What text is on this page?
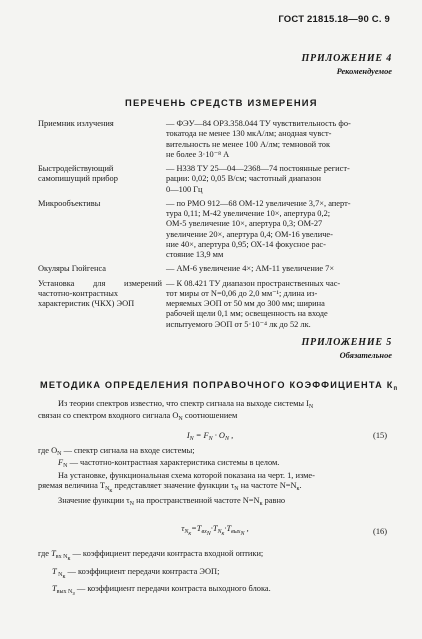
ГОСТ 21815.18—90 С. 9
ПРИЛОЖЕНИЕ 4
Рекомендуемое
ПЕРЕЧЕНЬ СРЕДСТВ ИЗМЕРЕНИЯ
Приемник излучения	— ФЭУ—84 ОРЗ.358.044 ТУ чувствительность фо-
токатода не менее 130 мкА/лм; анодная чувст-
вительность не менее 100 А/лм; темновой ток
не более 3·10⁻⁸ А
Быстродействующий самопишущий прибор
— Н338 ТУ 25—04—2368—74 постоянные регист-
рации: 0,02; 0,05 В/см; частотный диапазон
0—100 Гц
Микрообъективы	— по РМО 912—68 ОМ-12 увеличение 3,7×, аперт-
тура 0,11; М-42 увеличение 10×, апертура 0,2;
ОМ-5 увеличение 10×, апертура 0,3; ОМ-27
увеличение 20×, апертура 0,4; ОМ-16 увеличе-
ние 40×, апертура 0,95; ОХ-14 фокусное рас-
стояние 13,9 мм
Окуляры Гюйгенса	— АМ-6 увеличение 4×; АМ-11 увеличение 7×
Установка для измерений частотно-контрастных характеристик (ЧКХ) ЭОП
— К 08.421 ТУ диапазон пространственных час-
тот миры от N=0,06 до 2,0 мм⁻¹; длина из-
меряемых ЭОП от 50 мм до 300 мм; ширина
рабочей щели 0,1 мм; освещенность на входе
испытуемого ЭОП от 5·10⁻⁴ лк до 52 лк.
ПРИЛОЖЕНИЕ 5
Обязательное
МЕТОДИКА ОПРЕДЕЛЕНИЯ ПОПРАВОЧНОГО КОЭФФИЦИЕНТА $К_п$
Из теории спектров известно, что спектр сигнала на выходе системы $I_N$
связан со спектром входного сигнала $O_N$ соотношением
$I_N = F_N \cdot O_N$ ,	(15)
где $O_N$ — спектр сигнала на входе системы;
$F_N$ — частотно-контрастная характеристика системы в целом.
На установке, функциональная схема которой показана на черт. 1, изме-
ряемая величина $T_{N_к}$ представляет значение функции $\tau_N$ на частоте $N=N_к$.
Значение функции $\tau_N$ на пространственной частоте $N=N_к$ равно
$\tau_{N_к}=T_{вх_N}\cdot T_{N_к}\cdot T_{вых_N}$ ,	(16)
где $T_{вх N_к}$ — коэффициент передачи контраста входной оптики;
T $_{N_к}$ — коэффициент передачи контраста ЭОП;
$T_{вых N_з}$ — коэффициент передачи контраста выходного блока.
